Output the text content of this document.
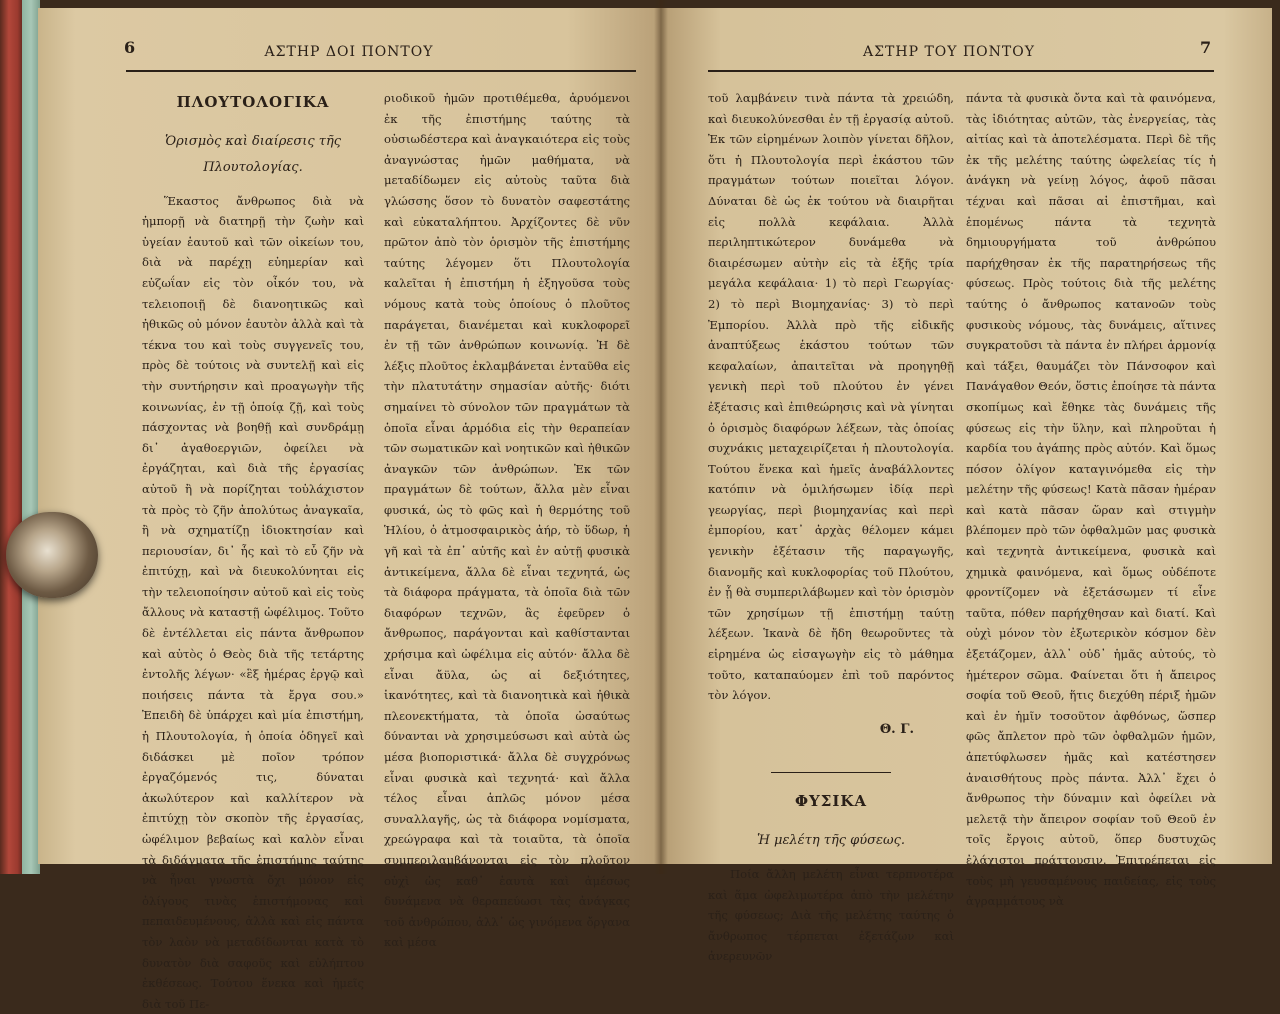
6	ΑΣΤΗΡ ΔΟΙ ΠΟΝΤΟΥ
ΠΛΟΥΤΟΛΟΓΙΚΑ
Ὁρισμὸς καὶ διαίρεσις τῆς Πλουτολογίας.

Ἕκαστος ἄνθρωπος διὰ νὰ ἠμπορῇ νὰ διατηρῇ τὴν ζωὴν καὶ ὑγείαν ἑαυτοῦ καὶ τῶν οἰκείων του, διὰ νὰ παρέχῃ εὐημερίαν καὶ εὐζωΐαν εἰς τὸν οἶκόν του, νὰ τελειοποιῇ δὲ διανοητικῶς καὶ ἠθικῶς οὐ μόνον ἑαυτὸν ἀλλὰ καὶ τὰ τέκνα του καὶ τοὺς συγγενεῖς του, πρὸς δὲ τούτοις νὰ συντελῇ καὶ εἰς τὴν συντήρησιν καὶ προαγωγὴν τῆς κοινωνίας, ἐν τῇ ὁποίᾳ ζῇ, καὶ τοὺς πάσχοντας νὰ βοηθῇ καὶ συνδράμῃ δι᾽ ἀγαθοεργιῶν, ὀφείλει νὰ ἐργάζηται, καὶ διὰ τῆς ἐργασίας αὐτοῦ ἢ νὰ πορίζηται τοὐλάχιστον τὰ πρὸς τὸ ζῆν ἀπολύτως ἀναγκαῖα, ἢ νὰ σχηματίζῃ ἰδιοκτησίαν καὶ περιουσίαν, δι᾽ ἧς καὶ τὸ εὖ ζῆν νὰ ἐπιτύχῃ, καὶ νὰ διευκολύνηται εἰς τὴν τελειοποίησιν αὐτοῦ καὶ εἰς τοὺς ἄλλους νὰ καταστῇ ὠφέλιμος. Τοῦτο δὲ ἐντέλλεται εἰς πάντα ἄνθρωπον καὶ αὐτὸς ὁ Θεὸς διὰ τῆς τετάρτης ἐντολῆς λέγων· «ἓξ ἡμέρας ἐργῷ καὶ ποιήσεις πάντα τὰ ἔργα σου.» Ἐπειδὴ δὲ ὑπάρχει καὶ μία ἐπιστήμη, ἡ Πλουτολογία, ἡ ὁποία ὁδηγεῖ καὶ διδάσκει μὲ ποῖον τρόπον ἐργαζόμενός τις, δύναται ἀκωλύτερον καὶ καλλίτερον νὰ ἐπιτύχῃ τὸν σκοπὸν τῆς ἐργασίας, ὠφέλιμον βεβαίως καὶ καλὸν εἶναι τὰ διδάγματα τῆς ἐπιστήμης ταύτης νὰ ἦναι γνωστὰ ὄχι μόνον εἰς ὀλίγους τινὰς ἐπιστήμονας καὶ πεπαιδευμένους, ἀλλὰ καὶ εἰς πάντα τὸν λαὸν νὰ μεταδίδωνται κατὰ τὸ δυνατὸν διὰ σαφοῦς καὶ εὐλήπτου ἐκθέσεως. Τούτου ἕνεκα καὶ ἡμεῖς διὰ τοῦ Πε-

ριοδικοῦ ἡμῶν προτιθέμεθα, ἀρυόμενοι ἐκ τῆς ἐπιστήμης ταύτης τὰ οὐσιωδέστερα καὶ ἀναγκαιότερα εἰς τοὺς ἀναγνώστας ἡμῶν μαθήματα, νὰ μεταδίδωμεν εἰς αὐτοὺς ταῦτα διὰ γλώσσης ὅσον τὸ δυνατὸν σαφεστάτης καὶ εὐκαταλήπτου. Ἀρχίζοντες δὲ νῦν πρῶτον ἀπὸ τὸν ὁρισμὸν τῆς ἐπιστήμης ταύτης λέγομεν ὅτι Πλουτολογία καλεῖται ἡ ἐπιστήμη ἡ ἐξηγοῦσα τοὺς νόμους κατὰ τοὺς ὁποίους ὁ πλοῦτος παράγεται, διανέμεται καὶ κυκλοφορεῖ ἐν τῇ τῶν ἀνθρώπων κοινωνίᾳ. Ἡ δὲ λέξις πλοῦτος ἐκλαμβάνεται ἐνταῦθα εἰς τὴν πλατυτάτην σημασίαν αὐτῆς· διότι σημαίνει τὸ σύνολον τῶν πραγμάτων τὰ ὁποῖα εἶναι ἁρμόδια εἰς τὴν θεραπείαν τῶν σωματικῶν καὶ νοητικῶν καὶ ἠθικῶν ἀναγκῶν τῶν ἀνθρώπων. Ἐκ τῶν πραγμάτων δὲ τούτων, ἄλλα μὲν εἶναι φυσικά, ὡς τὸ φῶς καὶ ἡ θερμότης τοῦ Ἡλίου, ὁ ἀτμοσφαιρικὸς ἀήρ, τὸ ὕδωρ, ἡ γῆ καὶ τὰ ἐπ᾽ αὐτῆς καὶ ἐν αὐτῇ φυσικὰ ἀντικείμενα, ἄλλα δὲ εἶναι τεχνητά, ὡς τὰ διάφορα πράγματα, τὰ ὁποῖα διὰ τῶν διαφόρων τεχνῶν, ἃς ἐφεῦρεν ὁ ἄνθρωπος, παράγονται καὶ καθίστανται χρήσιμα καὶ ὠφέλιμα εἰς αὐτόν· ἄλλα δὲ εἶναι ἄϋλα, ὡς αἱ δεξιότητες, ἱκανότητες, καὶ τὰ διανοητικὰ καὶ ἠθικὰ πλεονεκτήματα, τὰ ὁποῖα ὡσαύτως δύνανται νὰ χρησιμεύσωσι καὶ αὐτὰ ὡς μέσα βιοποριστικά· ἄλλα δὲ συγχρόνως εἶναι φυσικὰ καὶ τεχνητά· καὶ ἄλλα τέλος εἶναι ἁπλῶς μόνον μέσα συναλλαγῆς, ὡς τὰ διάφορα νομίσματα, χρεώγραφα καὶ τὰ τοιαῦτα, τὰ ὁποῖα συμπεριλαμβάνονται εἰς τὸν πλοῦτον οὐχὶ ὡς καθ᾽ ἑαυτὰ καὶ ἀμέσως δυνάμενα νὰ θεραπεύωσι τὰς ἀνάγκας τοῦ ἀνθρώπου, ἀλλ᾽ ὡς γινόμενα ὄργανα καὶ μέσα

ΑΣΤΗΡ ΤΟΥ ΠΟΝΤΟΥ	7

τοῦ λαμβάνειν τινὰ πάντα τὰ χρειώδη, καὶ διευκολύνεσθαι ἐν τῇ ἐργασίᾳ αὐτοῦ. Ἐκ τῶν εἰρημένων λοιπὸν γίνεται δῆλον, ὅτι ἡ Πλουτολογία περὶ ἑκάστου τῶν πραγμάτων τούτων ποιεῖται λόγον. Δύναται δὲ ὡς ἐκ τούτου νὰ διαιρῆται εἰς πολλὰ κεφάλαια. Ἀλλὰ περιληπτικώτερον δυνάμεθα νὰ διαιρέσωμεν αὐτὴν εἰς τὰ ἑξῆς τρία μεγάλα κεφάλαια· 1) τὸ περὶ Γεωργίας· 2) τὸ περὶ Βιομηχανίας· 3) τὸ περὶ Ἐμπορίου. Ἀλλὰ πρὸ τῆς εἰδικῆς ἀναπτύξεως ἑκάστου τούτων τῶν κεφαλαίων, ἀπαιτεῖται νὰ προηγηθῇ γενικὴ περὶ τοῦ πλούτου ἐν γένει ἐξέτασις καὶ ἐπιθεώρησις καὶ νὰ γίνηται ὁ ὁρισμὸς διαφόρων λέξεων, τὰς ὁποίας συχνάκις μεταχειρίζεται ἡ πλουτολογία. Τούτου ἕνεκα καὶ ἡμεῖς ἀναβάλλοντες κατόπιν νὰ ὁμιλήσωμεν ἰδίᾳ περὶ γεωργίας, περὶ βιομηχανίας καὶ περὶ ἐμπορίου, κατ᾽ ἀρχὰς θέλομεν κάμει γενικὴν ἐξέτασιν τῆς παραγωγῆς, διανομῆς καὶ κυκλοφορίας τοῦ Πλούτου, ἐν ᾗ θὰ συμπεριλάβωμεν καὶ τὸν ὁρισμὸν τῶν χρησίμων τῇ ἐπιστήμῃ ταύτῃ λέξεων. Ἱκανὰ δὲ ἤδη θεωροῦντες τὰ εἰρημένα ὡς εἰσαγωγὴν εἰς τὸ μάθημα τοῦτο, καταπαύομεν ἐπὶ τοῦ παρόντος τὸν λόγον.

Θ. Γ.
ΦΥΣΙΚΑ
Ἡ μελέτη τῆς φύσεως.

Ποία ἄλλη μελέτη εἶναι τερπνοτέρα καὶ ἅμα ὠφελιμωτέρα ἀπὸ τὴν μελέτην τῆς φύσεως; Διὰ τῆς μελέτης ταύτης ὁ ἄνθρωπος τέρπεται ἐξετάζων καὶ ἀνερευνῶν

πάντα τὰ φυσικὰ ὄντα καὶ τὰ φαινόμενα, τὰς ἰδιότητας αὐτῶν, τὰς ἐνεργείας, τὰς αἰτίας καὶ τὰ ἀποτελέσματα. Περὶ δὲ τῆς ἐκ τῆς μελέτης ταύτης ὠφελείας τίς ἡ ἀνάγκη νὰ γείνῃ λόγος, ἀφοῦ πᾶσαι τέχναι καὶ πᾶσαι αἱ ἐπιστῆμαι, καὶ ἑπομένως πάντα τὰ τεχνητὰ δημιουργήματα τοῦ ἀνθρώπου παρήχθησαν ἐκ τῆς παρατηρήσεως τῆς φύσεως. Πρὸς τούτοις διὰ τῆς μελέτης ταύτης ὁ ἄνθρωπος κατανοῶν τοὺς φυσικοὺς νόμους, τὰς δυνάμεις, αἵτινες συγκρατοῦσι τὰ πάντα ἐν πλήρει ἁρμονίᾳ καὶ τάξει, θαυμάζει τὸν Πάνσοφον καὶ Πανάγαθον Θεόν, ὅστις ἐποίησε τὰ πάντα σκοπίμως καὶ ἔθηκε τὰς δυνάμεις τῆς φύσεως εἰς τὴν ὕλην, καὶ πληροῦται ἡ καρδία του ἀγάπης πρὸς αὐτόν. Καὶ ὅμως πόσον ὀλίγον καταγινόμεθα εἰς τὴν μελέτην τῆς φύσεως! Κατὰ πᾶσαν ἡμέραν καὶ κατὰ πᾶσαν ὥραν καὶ στιγμὴν βλέπομεν πρὸ τῶν ὀφθαλμῶν μας φυσικὰ καὶ τεχνητὰ ἀντικείμενα, φυσικὰ καὶ χημικὰ φαινόμενα, καὶ ὅμως οὐδέποτε φροντίζομεν νὰ ἐξετάσωμεν τί εἶνε ταῦτα, πόθεν παρήχθησαν καὶ διατί. Καὶ οὐχὶ μόνον τὸν ἐξωτερικὸν κόσμον δὲν ἐξετάζομεν, ἀλλ᾽ οὐδ᾽ ἡμᾶς αὐτούς, τὸ ἡμέτερον σῶμα. Φαίνεται ὅτι ἡ ἄπειρος σοφία τοῦ Θεοῦ, ἥτις διεχύθη πέριξ ἡμῶν καὶ ἐν ἡμῖν τοσοῦτον ἀφθόνως, ὥσπερ φῶς ἄπλετον πρὸ τῶν ὀφθαλμῶν ἡμῶν, ἀπετύφλωσεν ἡμᾶς καὶ κατέστησεν ἀναισθήτους πρὸς πάντα. Ἀλλ᾽ ἔχει ὁ ἄνθρωπος τὴν δύναμιν καὶ ὀφείλει νὰ μελετᾷ τὴν ἄπειρον σοφίαν τοῦ Θεοῦ ἐν τοῖς ἔργοις αὐτοῦ, ὅπερ δυστυχῶς ἐλάχιστοι πράττουσιν. Ἐπιτρέπεται εἰς τοὺς μὴ γευσαμένους παιδείας, εἰς τοὺς ἀγραμμάτους νὰ
